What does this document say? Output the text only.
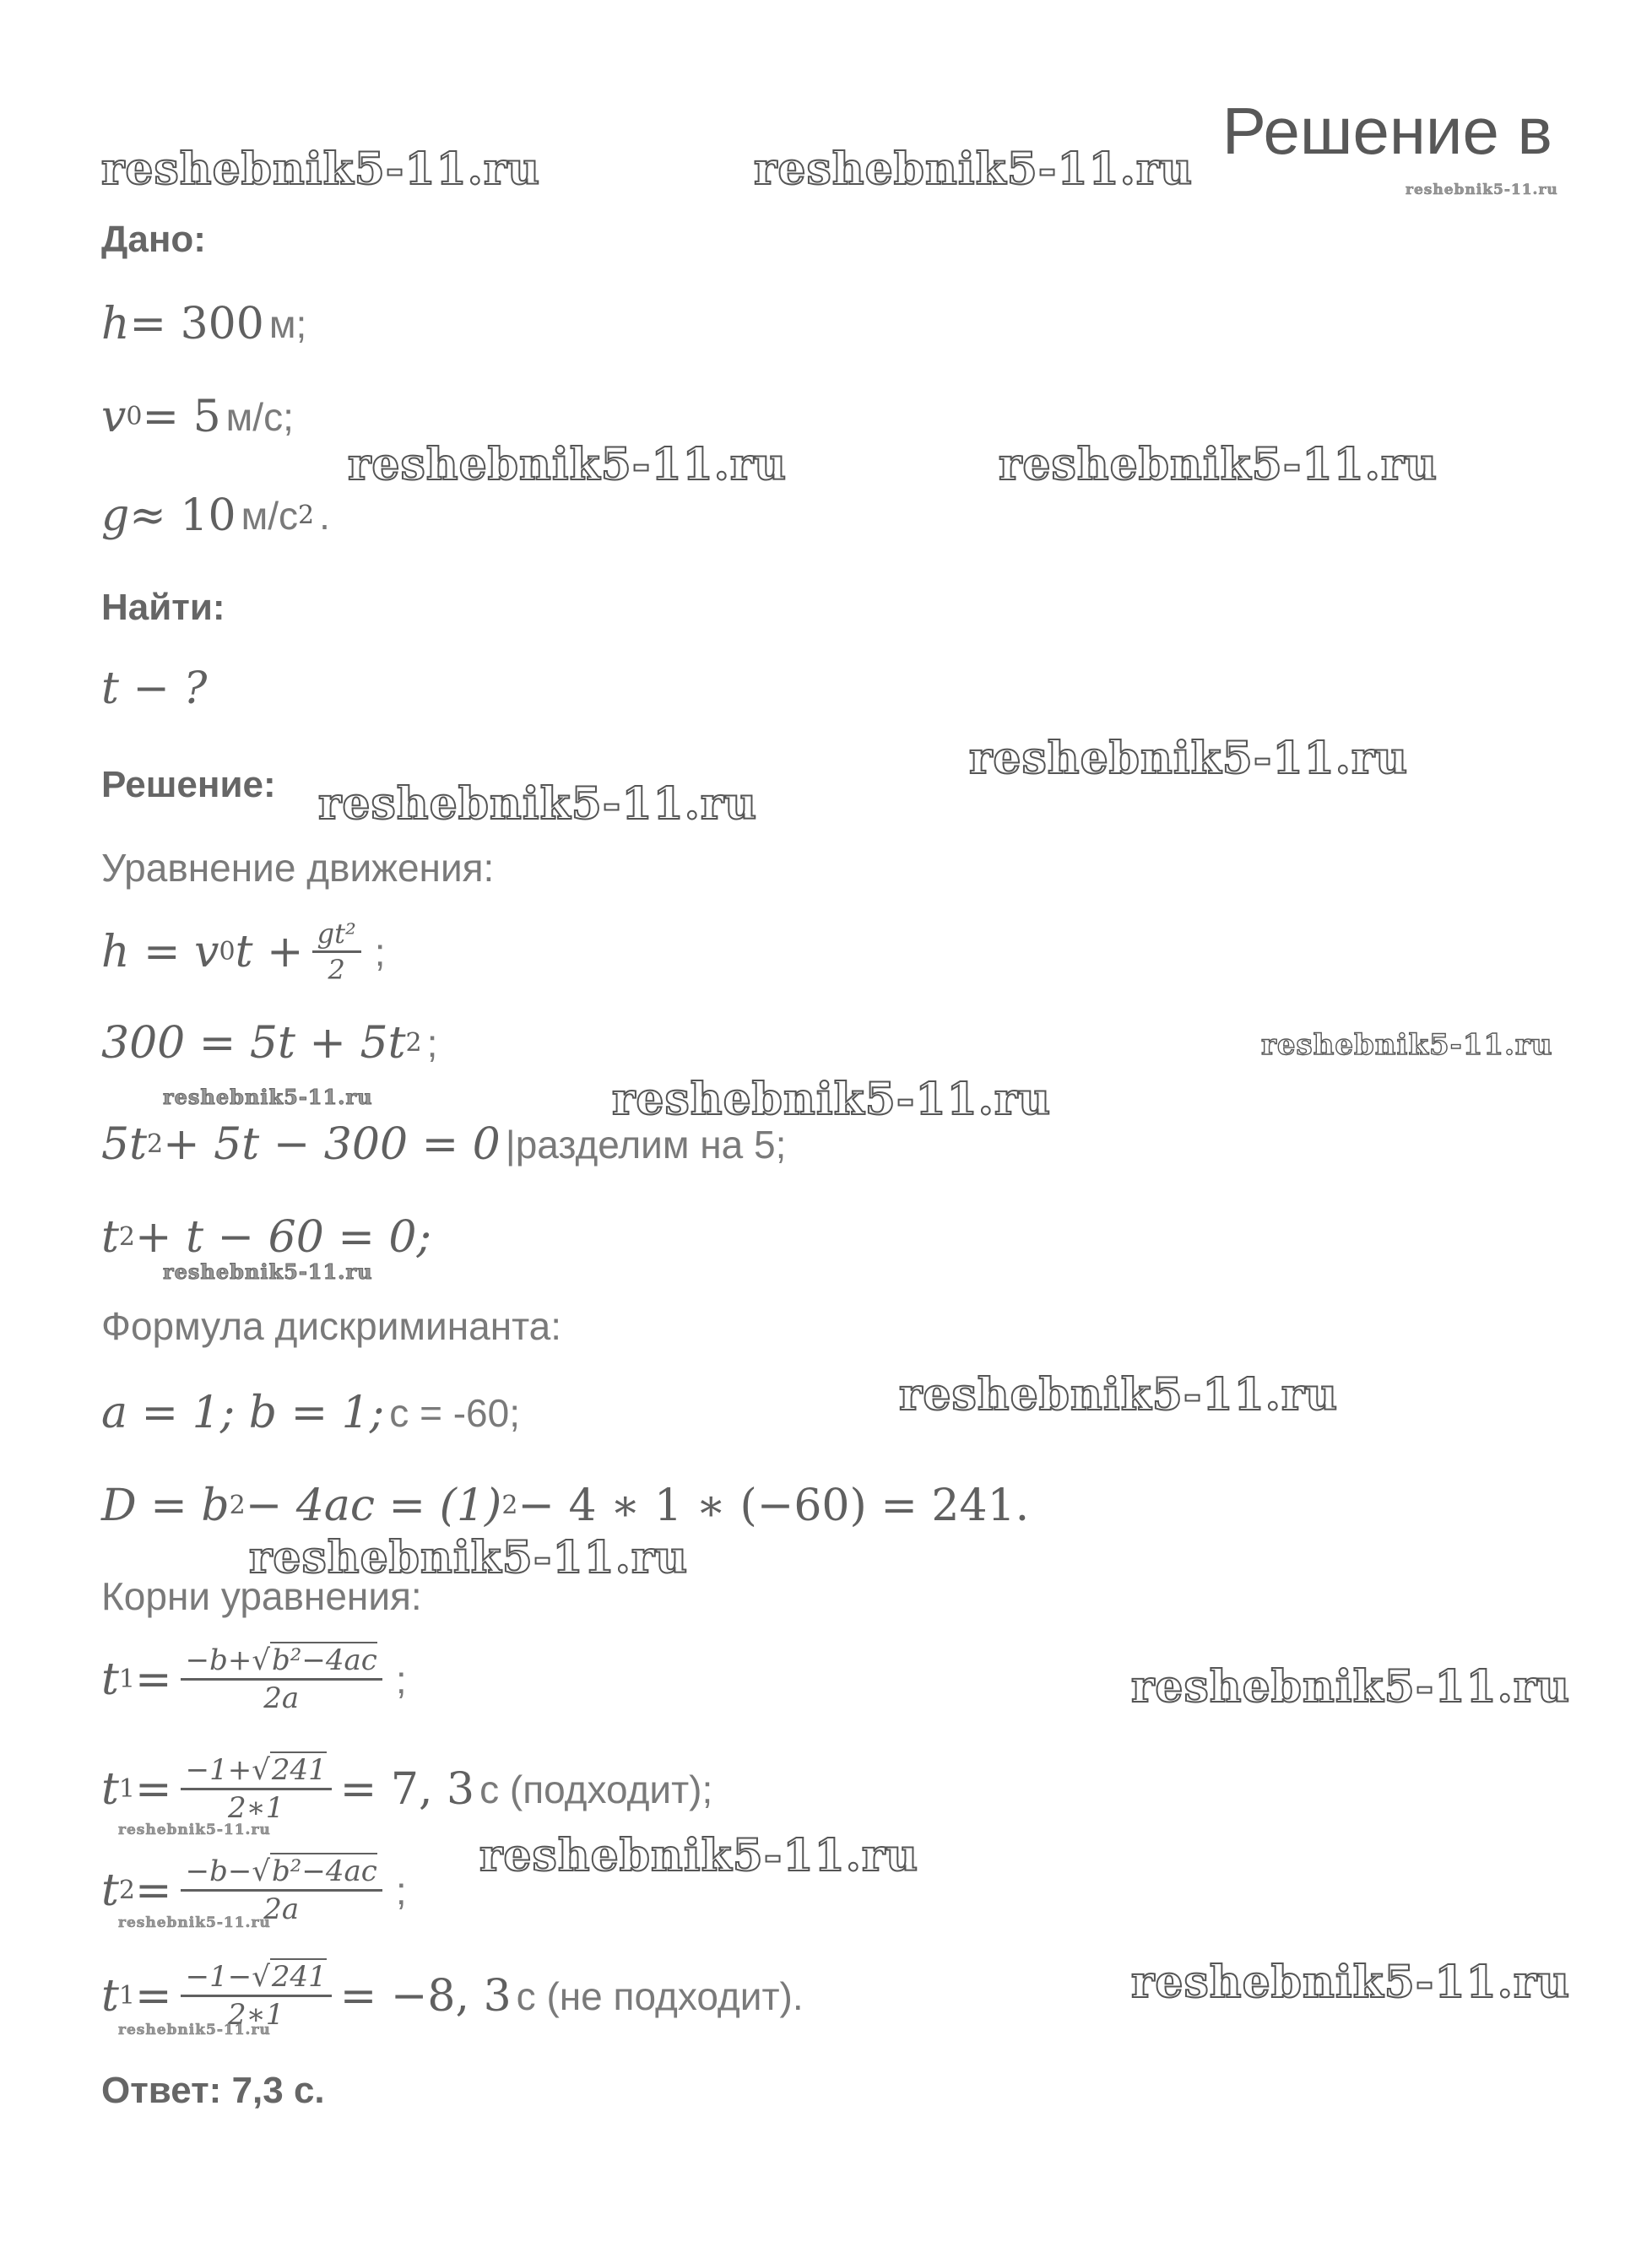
Решение в
Дано:
h = 300 м;
v 0 = 5 м/с;
g ≈ 10 м/с 2 .
Найти:
t − ?
Решение:
Уравнение движения:
h = v 0 $t + \frac{\text{gt²}}{2}$ ;
300 = 5t + 5t 2 ;
5t 2 + 5t − 300 = 0 |разделим на 5;
t 2 + t − 60 = 0;
Формула дискриминанта:
a = 1; b = 1; c = -60;
D = b 2 − 4ac = (1) 2 − 4 ∗ 1 ∗ (−60) = 241.
Корни уравнения:
t $1 = \frac{\text{−b+√b²−4ac}}{2a}$ ;
t $1 = \frac{-1+√241}{2∗1} = 7$, 3 с (подходит);
t $2 = \frac{\text{−b−√b²−4ac}}{2a}$ ;
t $1 = \frac{-1-√241}{2∗1} = -8$, 3 с (не подходит).
Ответ: 7,3 с.
reshebnik5-11.ru	reshebnik5-11.ru	reshebnik5-11.ru
reshebnik5-11.ru	reshebnik5-11.ru
reshebnik5-11.ru
reshebnik5-11.ru
reshebnik5-11.ru
reshebnik5-11.ru	reshebnik5-11.ru
reshebnik5-11.ru
reshebnik5-11.ru
reshebnik5-11.ru
reshebnik5-11.ru
reshebnik5-11.ru	reshebnik5-11.ru
reshebnik5-11.ru
reshebnik5-11.ru
reshebnik5-11.ru
